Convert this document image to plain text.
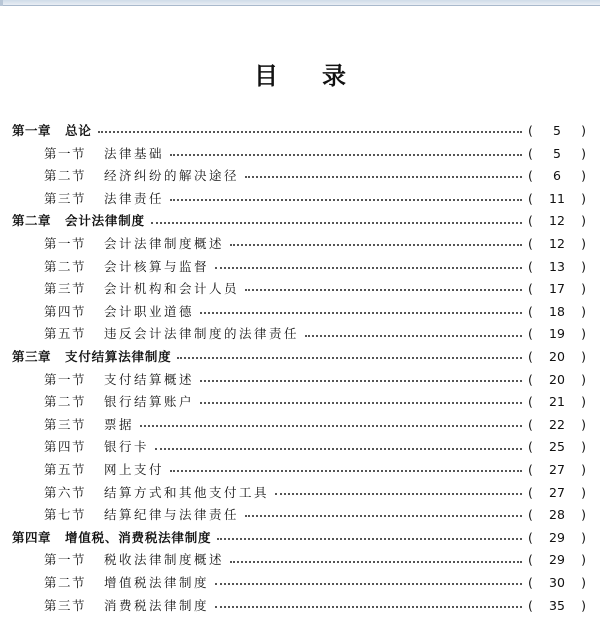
目录
第一章 总论	(	5	)
第一节 法律基础	(	5	)
第二节 经济纠纷的解决途径	(	6	)
第三节 法律责任	(	11	)
第二章 会计法律制度	(	12	)
第一节 会计法律制度概述	(	12	)
第二节 会计核算与监督	(	13	)
第三节 会计机构和会计人员	(	17	)
第四节 会计职业道德	(	18	)
第五节 违反会计法律制度的法律责任	(	19	)
第三章 支付结算法律制度	(	20	)
第一节 支付结算概述	(	20	)
第二节 银行结算账户	(	21	)
第三节 票据	(	22	)
第四节 银行卡	(	25	)
第五节 网上支付	(	27	)
第六节 结算方式和其他支付工具	(	27	)
第七节 结算纪律与法律责任	(	28	)
第四章 增值税、消费税法律制度	(	29	)
第一节 税收法律制度概述	(	29	)
第二节 增值税法律制度	(	30	)
第三节 消费税法律制度	(	35	)
